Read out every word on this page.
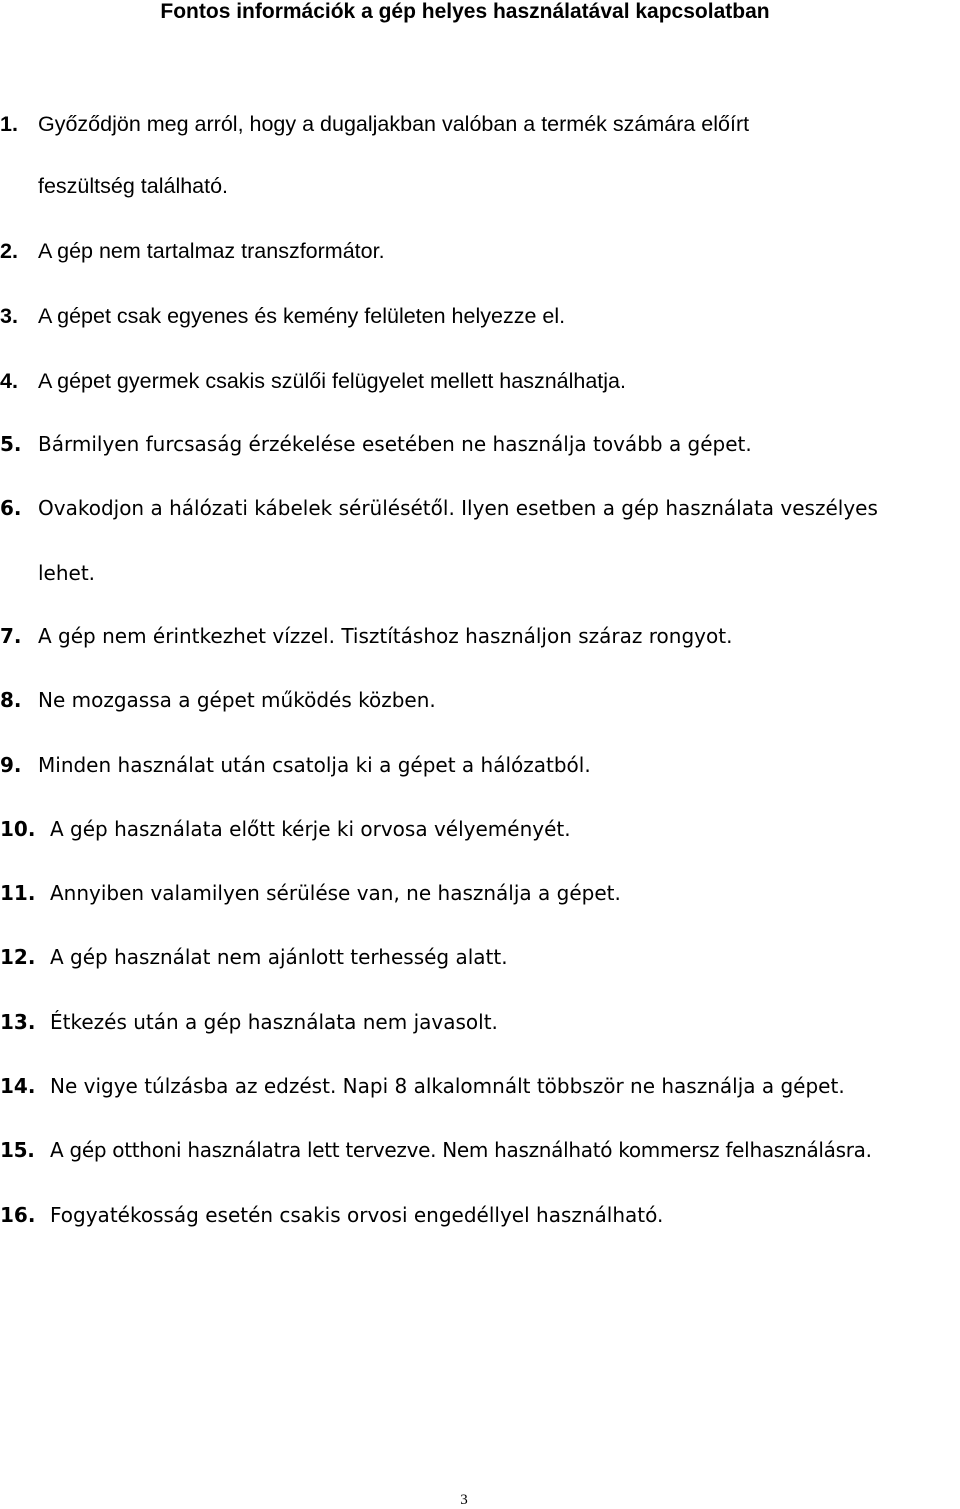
Fontos információk a gép helyes használatával kapcsolatban
1. Győződjön meg arról, hogy a dugaljakban valóban a termék számára előírt
feszültség található.
2. A gép nem tartalmaz transzformátor.
3. A gépet csak egyenes és kemény felületen helyezze el.
4. A gépet gyermek csakis szülői felügyelet mellett használhatja.
5. Bármilyen furcsaság érzékelése esetében ne használja tovább a gépet.
6. Ovakodjon a hálózati kábelek sérülésétől. Ilyen esetben a gép használata veszélyes
lehet.
7. A gép nem érintkezhet vízzel. Tisztításhoz használjon száraz rongyot.
8. Ne mozgassa a gépet működés közben.
9. Minden használat után csatolja ki a gépet a hálózatból.
10. A gép használata előtt kérje ki orvosa vélyeményét.
11. Annyiben valamilyen sérülése van, ne használja a gépet.
12. A gép használat nem ajánlott terhesség alatt.
13. Étkezés után a gép használata nem javasolt.
14. Ne vigye túlzásba az edzést. Napi 8 alkalomnált többször ne használja a gépet.
15. A gép otthoni használatra lett tervezve. Nem használható kommersz felhasználásra.
16. Fogyatékosság esetén csakis orvosi engedéllyel használható.
3
